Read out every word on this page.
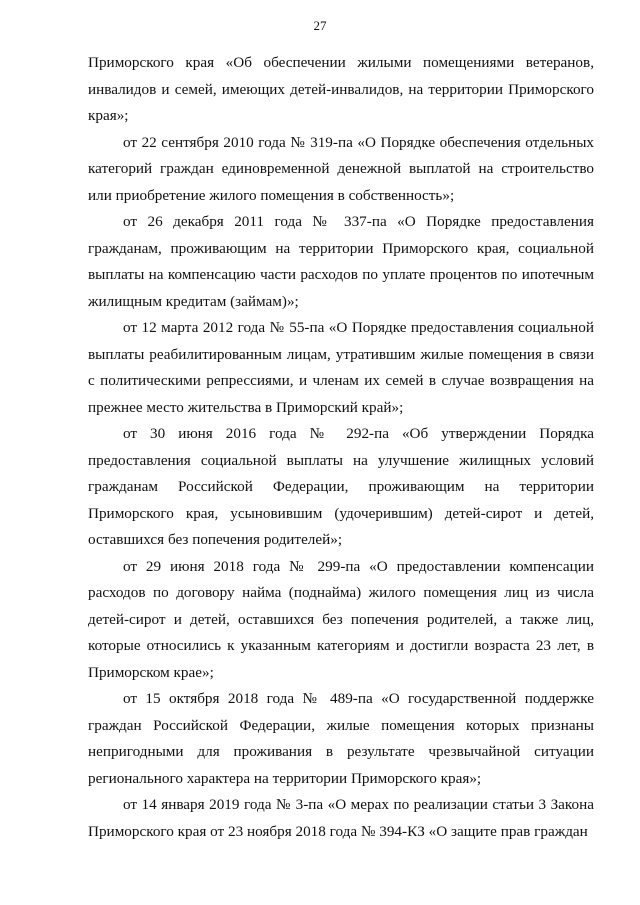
27

Приморского края «Об обеспечении жилыми помещениями ветеранов, инвалидов и семей, имеющих детей-инвалидов, на территории Приморского края»;

от 22 сентября 2010 года № 319-па «О Порядке обеспечения отдельных категорий граждан единовременной денежной выплатой на строительство или приобретение жилого помещения в собственность»;

от 26 декабря 2011 года № 337-па «О Порядке предоставления гражданам, проживающим на территории Приморского края, социальной выплаты на компенсацию части расходов по уплате процентов по ипотечным жилищным кредитам (займам)»;

от 12 марта 2012 года № 55-па «О Порядке предоставления социальной выплаты реабилитированным лицам, утратившим жилые помещения в связи с политическими репрессиями, и членам их семей в случае возвращения на прежнее место жительства в Приморский край»;

от 30 июня 2016 года № 292-па «Об утверждении Порядка предоставления социальной выплаты на улучшение жилищных условий гражданам Российской Федерации, проживающим на территории Приморского края, усыновившим (удочерившим) детей-сирот и детей, оставшихся без попечения родителей»;

от 29 июня 2018 года № 299-па «О предоставлении компенсации расходов по договору найма (поднайма) жилого помещения лиц из числа детей-сирот и детей, оставшихся без попечения родителей, а также лиц, которые относились к указанным категориям и достигли возраста 23 лет, в Приморском крае»;

от 15 октября 2018 года № 489-па «О государственной поддержке граждан Российской Федерации, жилые помещения которых признаны непригодными для проживания в результате чрезвычайной ситуации регионального характера на территории Приморского края»;

от 14 января 2019 года № 3-па «О мерах по реализации статьи 3 Закона Приморского края от 23 ноября 2018 года № 394-КЗ «О защите прав граждан
